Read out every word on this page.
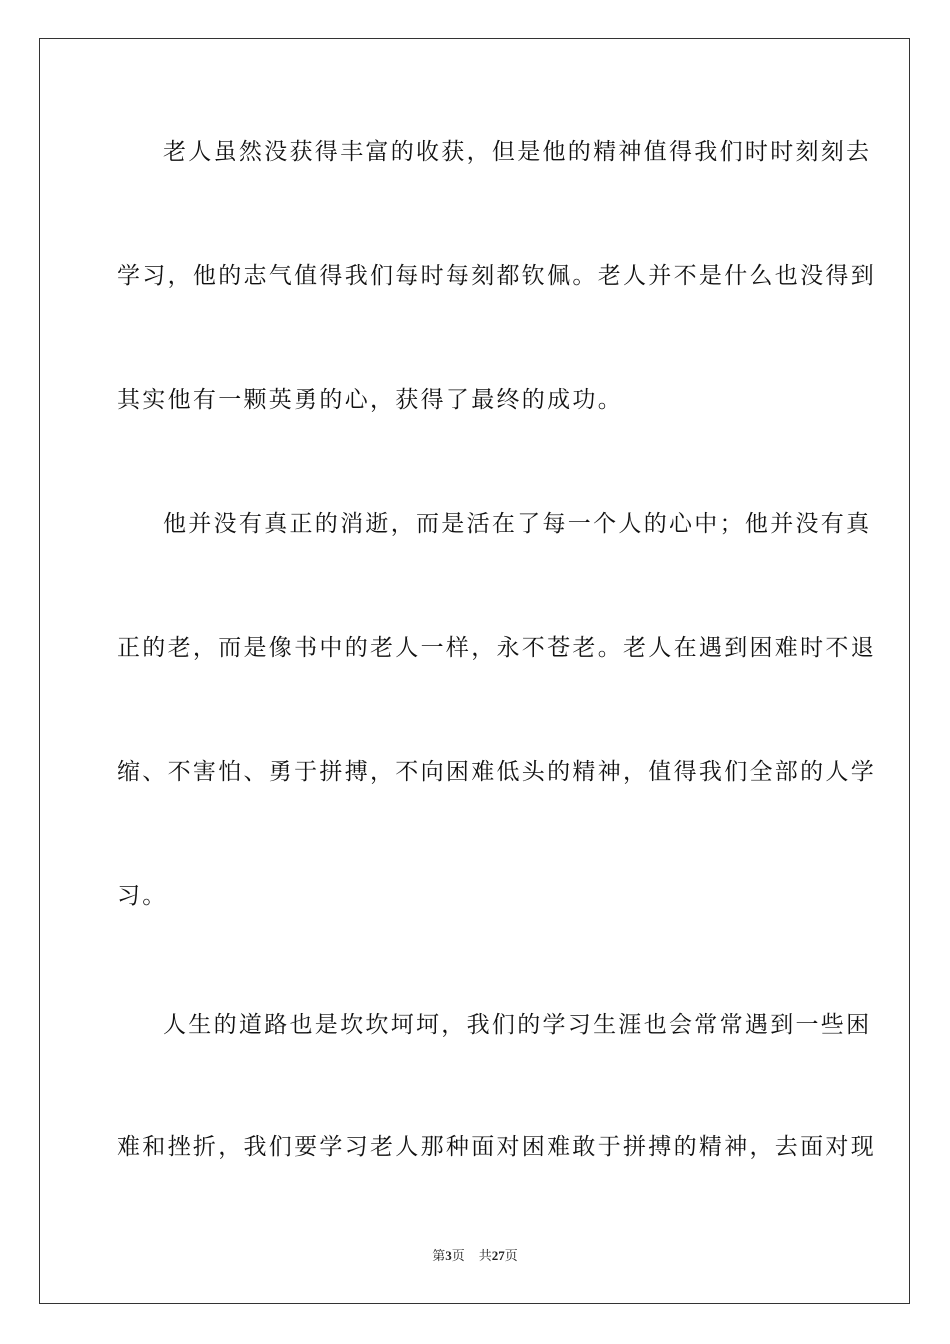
老人虽然没获得丰富的收获，但是他的精神值得我们时时刻刻去
学习，他的志气值得我们每时每刻都钦佩。老人并不是什么也没得到
其实他有一颗英勇的心，获得了最终的成功。
他并没有真正的消逝，而是活在了每一个人的心中；他并没有真
正的老，而是像书中的老人一样，永不苍老。老人在遇到困难时不退
缩、不害怕、勇于拼搏，不向困难低头的精神，值得我们全部的人学
习。
人生的道路也是坎坎坷坷，我们的学习生涯也会常常遇到一些困
难和挫折，我们要学习老人那种面对困难敢于拼搏的精神，去面对现
第3页 共27页
